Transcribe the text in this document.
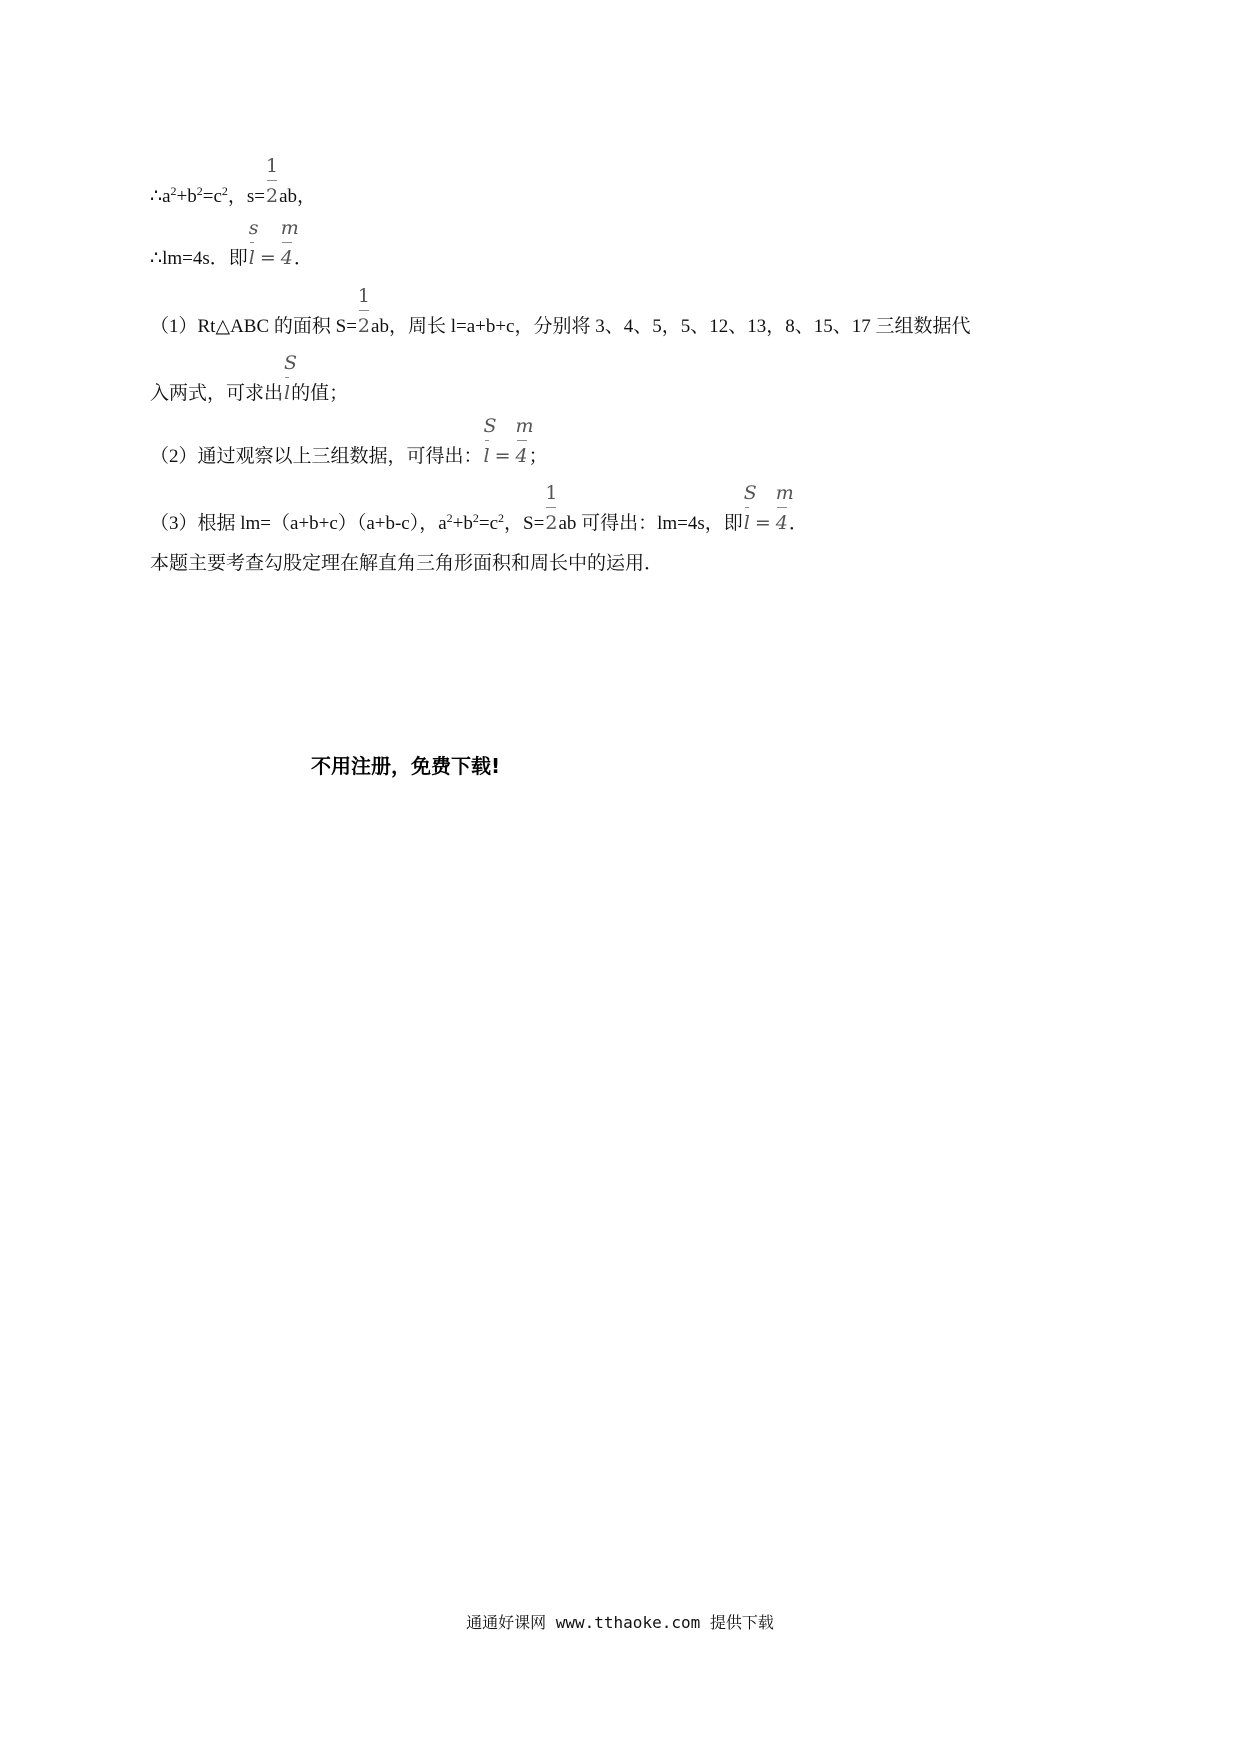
$\therefore a^2+b^2=c^2$，$s= \frac{1}{2}$ ab，
∴lm=4s．即 $\frac{s}{l} = \frac{m}{4}$ ．
（1）Rt△ABC 的面积 $S= \frac{1}{2}$ ab，周长 l=a+b+c，分别将 3、4、5，5、12、13，8、15、17 三组数据代
入两式，可求出 $\frac{S}{l}$ 的值；
（2）通过观察以上三组数据，可得出： $\frac{S}{l} = \frac{m}{4}$ ；
（3）根据 lm=（a+b+c）（a+b-c），$a^2+b^2=c^2$，$S= \frac{1}{2}$ ab 可得出：lm=4s，即 $\frac{S}{l} = \frac{m}{4}$ ．
本题主要考查勾股定理在解直角三角形面积和周长中的运用．
不用注册，免费下载!
通通好课网 www.tthaoke.com 提供下载
